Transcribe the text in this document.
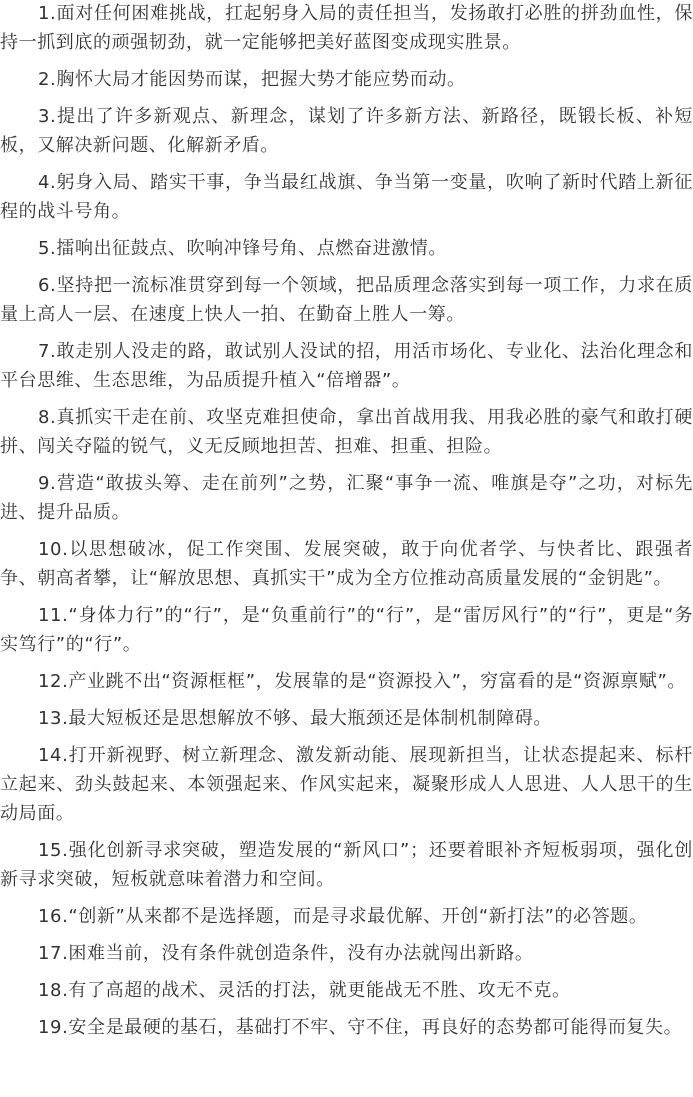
1.面对任何困难挑战，扛起躬身入局的责任担当，发扬敢打必胜的拼劲血性，保持一抓到底的顽强韧劲，就一定能够把美好蓝图变成现实胜景。

2.胸怀大局才能因势而谋，把握大势才能应势而动。

3.提出了许多新观点、新理念，谋划了许多新方法、新路径，既锻长板、补短板，又解决新问题、化解新矛盾。

4.躬身入局、踏实干事，争当最红战旗、争当第一变量，吹响了新时代踏上新征程的战斗号角。

5.擂响出征鼓点、吹响冲锋号角、点燃奋进激情。

6.坚持把一流标准贯穿到每一个领域，把品质理念落实到每一项工作，力求在质量上高人一层、在速度上快人一拍、在勤奋上胜人一筹。

7.敢走别人没走的路，敢试别人没试的招，用活市场化、专业化、法治化理念和平台思维、生态思维，为品质提升植入“倍增器”。

8.真抓实干走在前、攻坚克难担使命，拿出首战用我、用我必胜的豪气和敢打硬拼、闯关夺隘的锐气，义无反顾地担苦、担难、担重、担险。

9.营造“敢拔头筹、走在前列”之势，汇聚“事争一流、唯旗是夺”之功，对标先进、提升品质。

10.以思想破冰，促工作突围、发展突破，敢于向优者学、与快者比、跟强者争、朝高者攀，让“解放思想、真抓实干”成为全方位推动高质量发展的“金钥匙”。

11.“身体力行”的“行”，是“负重前行”的“行”，是“雷厉风行”的“行”，更是“务实笃行”的“行”。

12.产业跳不出“资源框框”，发展靠的是“资源投入”，穷富看的是“资源禀赋”。

13.最大短板还是思想解放不够、最大瓶颈还是体制机制障碍。

14.打开新视野、树立新理念、激发新动能、展现新担当，让状态提起来、标杆立起来、劲头鼓起来、本领强起来、作风实起来，凝聚形成人人思进、人人思干的生动局面。

15.强化创新寻求突破，塑造发展的“新风口”；还要着眼补齐短板弱项，强化创新寻求突破，短板就意味着潜力和空间。

16.“创新”从来都不是选择题，而是寻求最优解、开创“新打法”的必答题。

17.困难当前，没有条件就创造条件，没有办法就闯出新路。

18.有了高超的战术、灵活的打法，就更能战无不胜、攻无不克。

19.安全是最硬的基石，基础打不牢、守不住，再良好的态势都可能得而复失。
